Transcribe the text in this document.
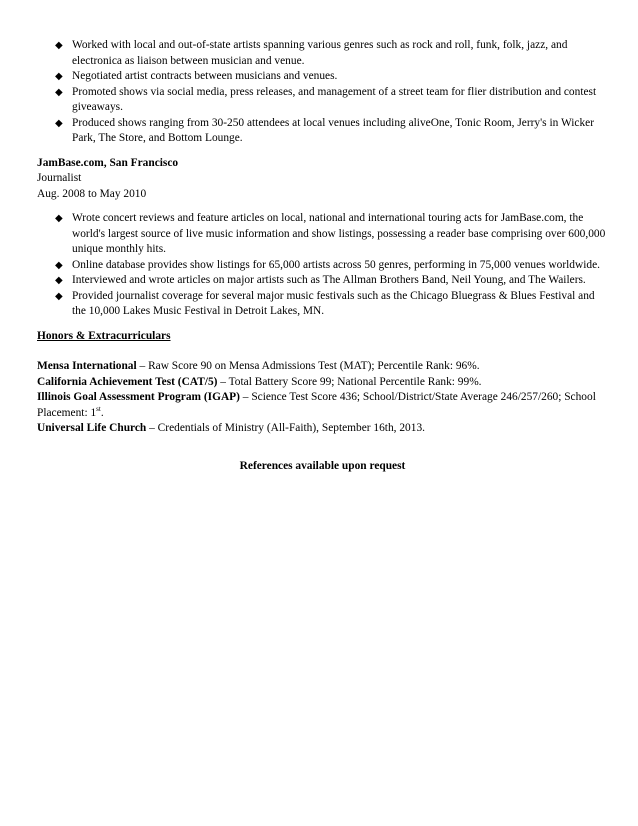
◆ Worked with local and out-of-state artists spanning various genres such as rock and roll, funk, folk, jazz, and electronica as liaison between musician and venue.
◆ Negotiated artist contracts between musicians and venues.
◆ Promoted shows via social media, press releases, and management of a street team for flier distribution and contest giveaways.
◆ Produced shows ranging from 30-250 attendees at local venues including aliveOne, Tonic Room, Jerry's in Wicker Park, The Store, and Bottom Lounge.

JamBase.com, San Francisco

Journalist

Aug. 2008 to May 2010

◆ Wrote concert reviews and feature articles on local, national and international touring acts for JamBase.com, the world's largest source of live music information and show listings, possessing a reader base comprising over 600,000 unique monthly hits.
◆ Online database provides show listings for 65,000 artists across 50 genres, performing in 75,000 venues worldwide.
◆ Interviewed and wrote articles on major artists such as The Allman Brothers Band, Neil Young, and The Wailers.
◆ Provided journalist coverage for several major music festivals such as the Chicago Bluegrass & Blues Festival and the 10,000 Lakes Music Festival in Detroit Lakes, MN.

Honors & Extracurriculars

Mensa International – Raw Score 90 on Mensa Admissions Test (MAT); Percentile Rank: 96%.

California Achievement Test (CAT/5) – Total Battery Score 99; National Percentile Rank: 99%.

Illinois Goal Assessment Program (IGAP) – Science Test Score 436; School/District/State Average 246/257/260; School Placement: 1st.

Universal Life Church – Credentials of Ministry (All-Faith), September 16th, 2013.

References available upon request
